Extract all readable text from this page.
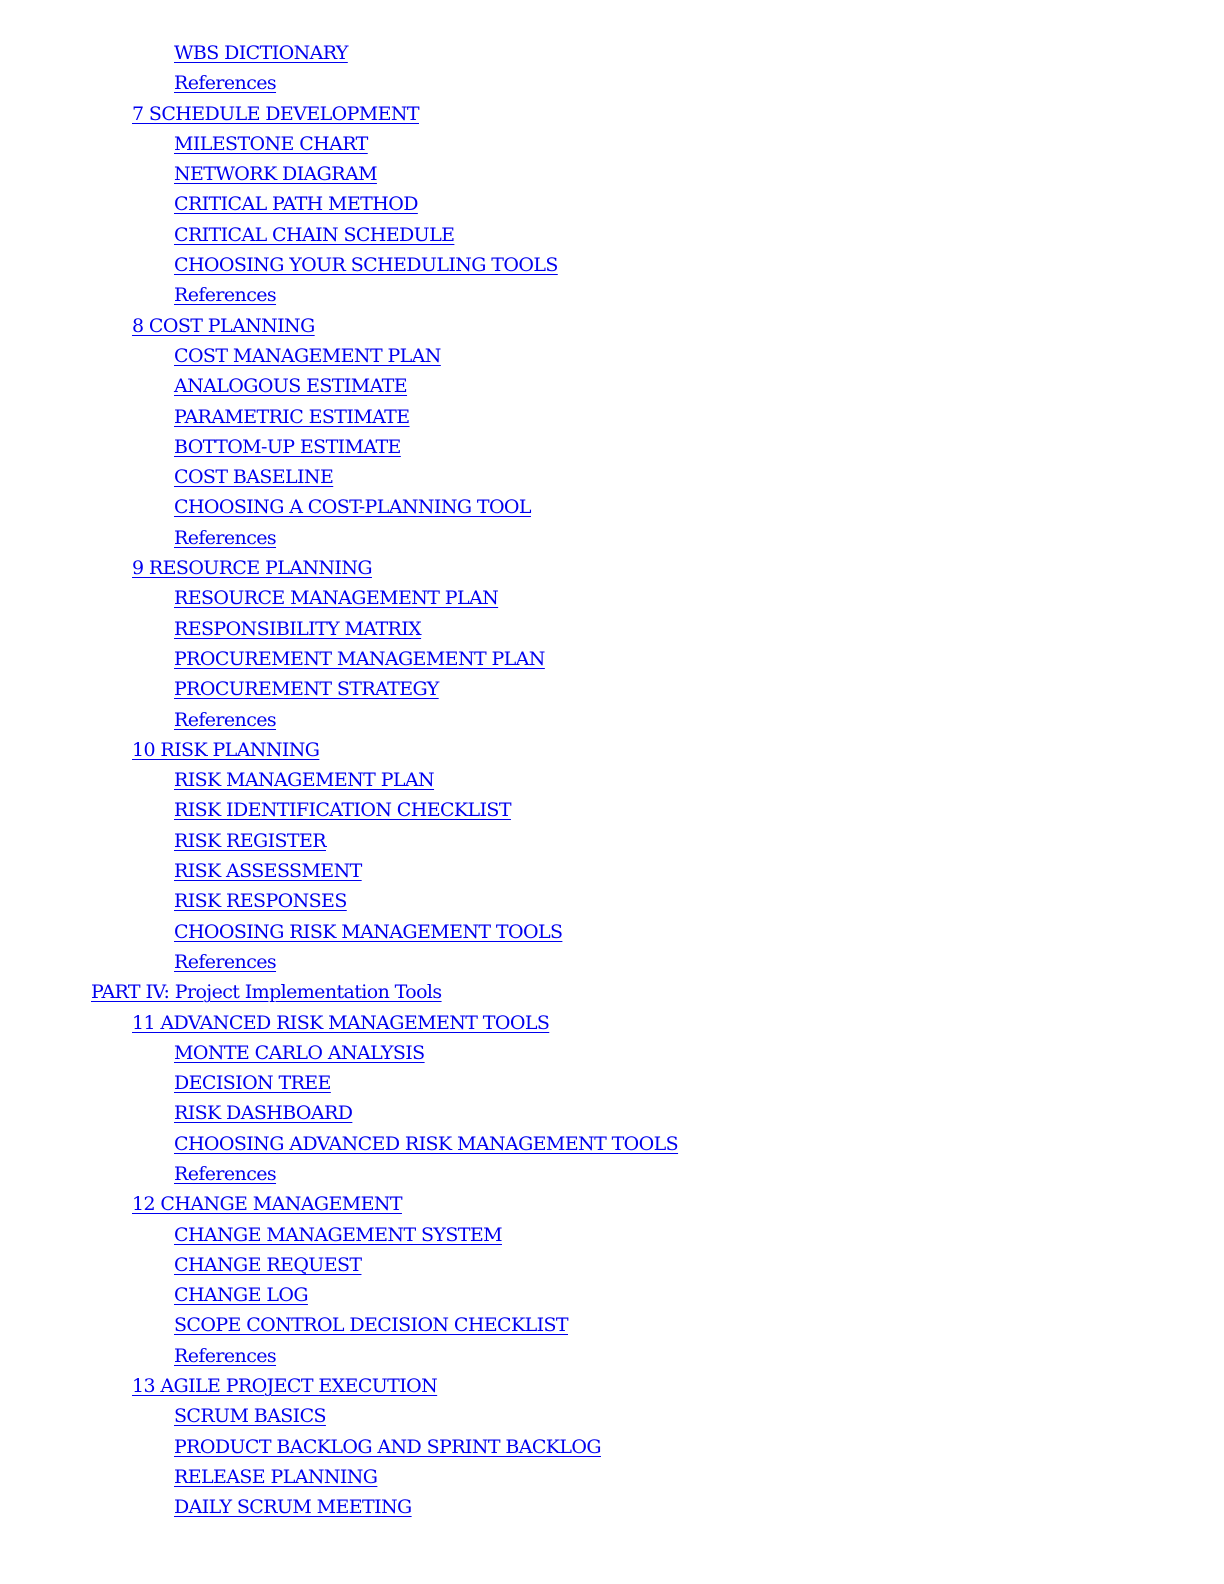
WBS DICTIONARY
References
7 SCHEDULE DEVELOPMENT
MILESTONE CHART
NETWORK DIAGRAM
CRITICAL PATH METHOD
CRITICAL CHAIN SCHEDULE
CHOOSING YOUR SCHEDULING TOOLS
References
8 COST PLANNING
COST MANAGEMENT PLAN
ANALOGOUS ESTIMATE
PARAMETRIC ESTIMATE
BOTTOM-UP ESTIMATE
COST BASELINE
CHOOSING A COST-PLANNING TOOL
References
9 RESOURCE PLANNING
RESOURCE MANAGEMENT PLAN
RESPONSIBILITY MATRIX
PROCUREMENT MANAGEMENT PLAN
PROCUREMENT STRATEGY
References
10 RISK PLANNING
RISK MANAGEMENT PLAN
RISK IDENTIFICATION CHECKLIST
RISK REGISTER
RISK ASSESSMENT
RISK RESPONSES
CHOOSING RISK MANAGEMENT TOOLS
References
PART IV: Project Implementation Tools
11 ADVANCED RISK MANAGEMENT TOOLS
MONTE CARLO ANALYSIS
DECISION TREE
RISK DASHBOARD
CHOOSING ADVANCED RISK MANAGEMENT TOOLS
References
12 CHANGE MANAGEMENT
CHANGE MANAGEMENT SYSTEM
CHANGE REQUEST
CHANGE LOG
SCOPE CONTROL DECISION CHECKLIST
References
13 AGILE PROJECT EXECUTION
SCRUM BASICS
PRODUCT BACKLOG AND SPRINT BACKLOG
RELEASE PLANNING
DAILY SCRUM MEETING
